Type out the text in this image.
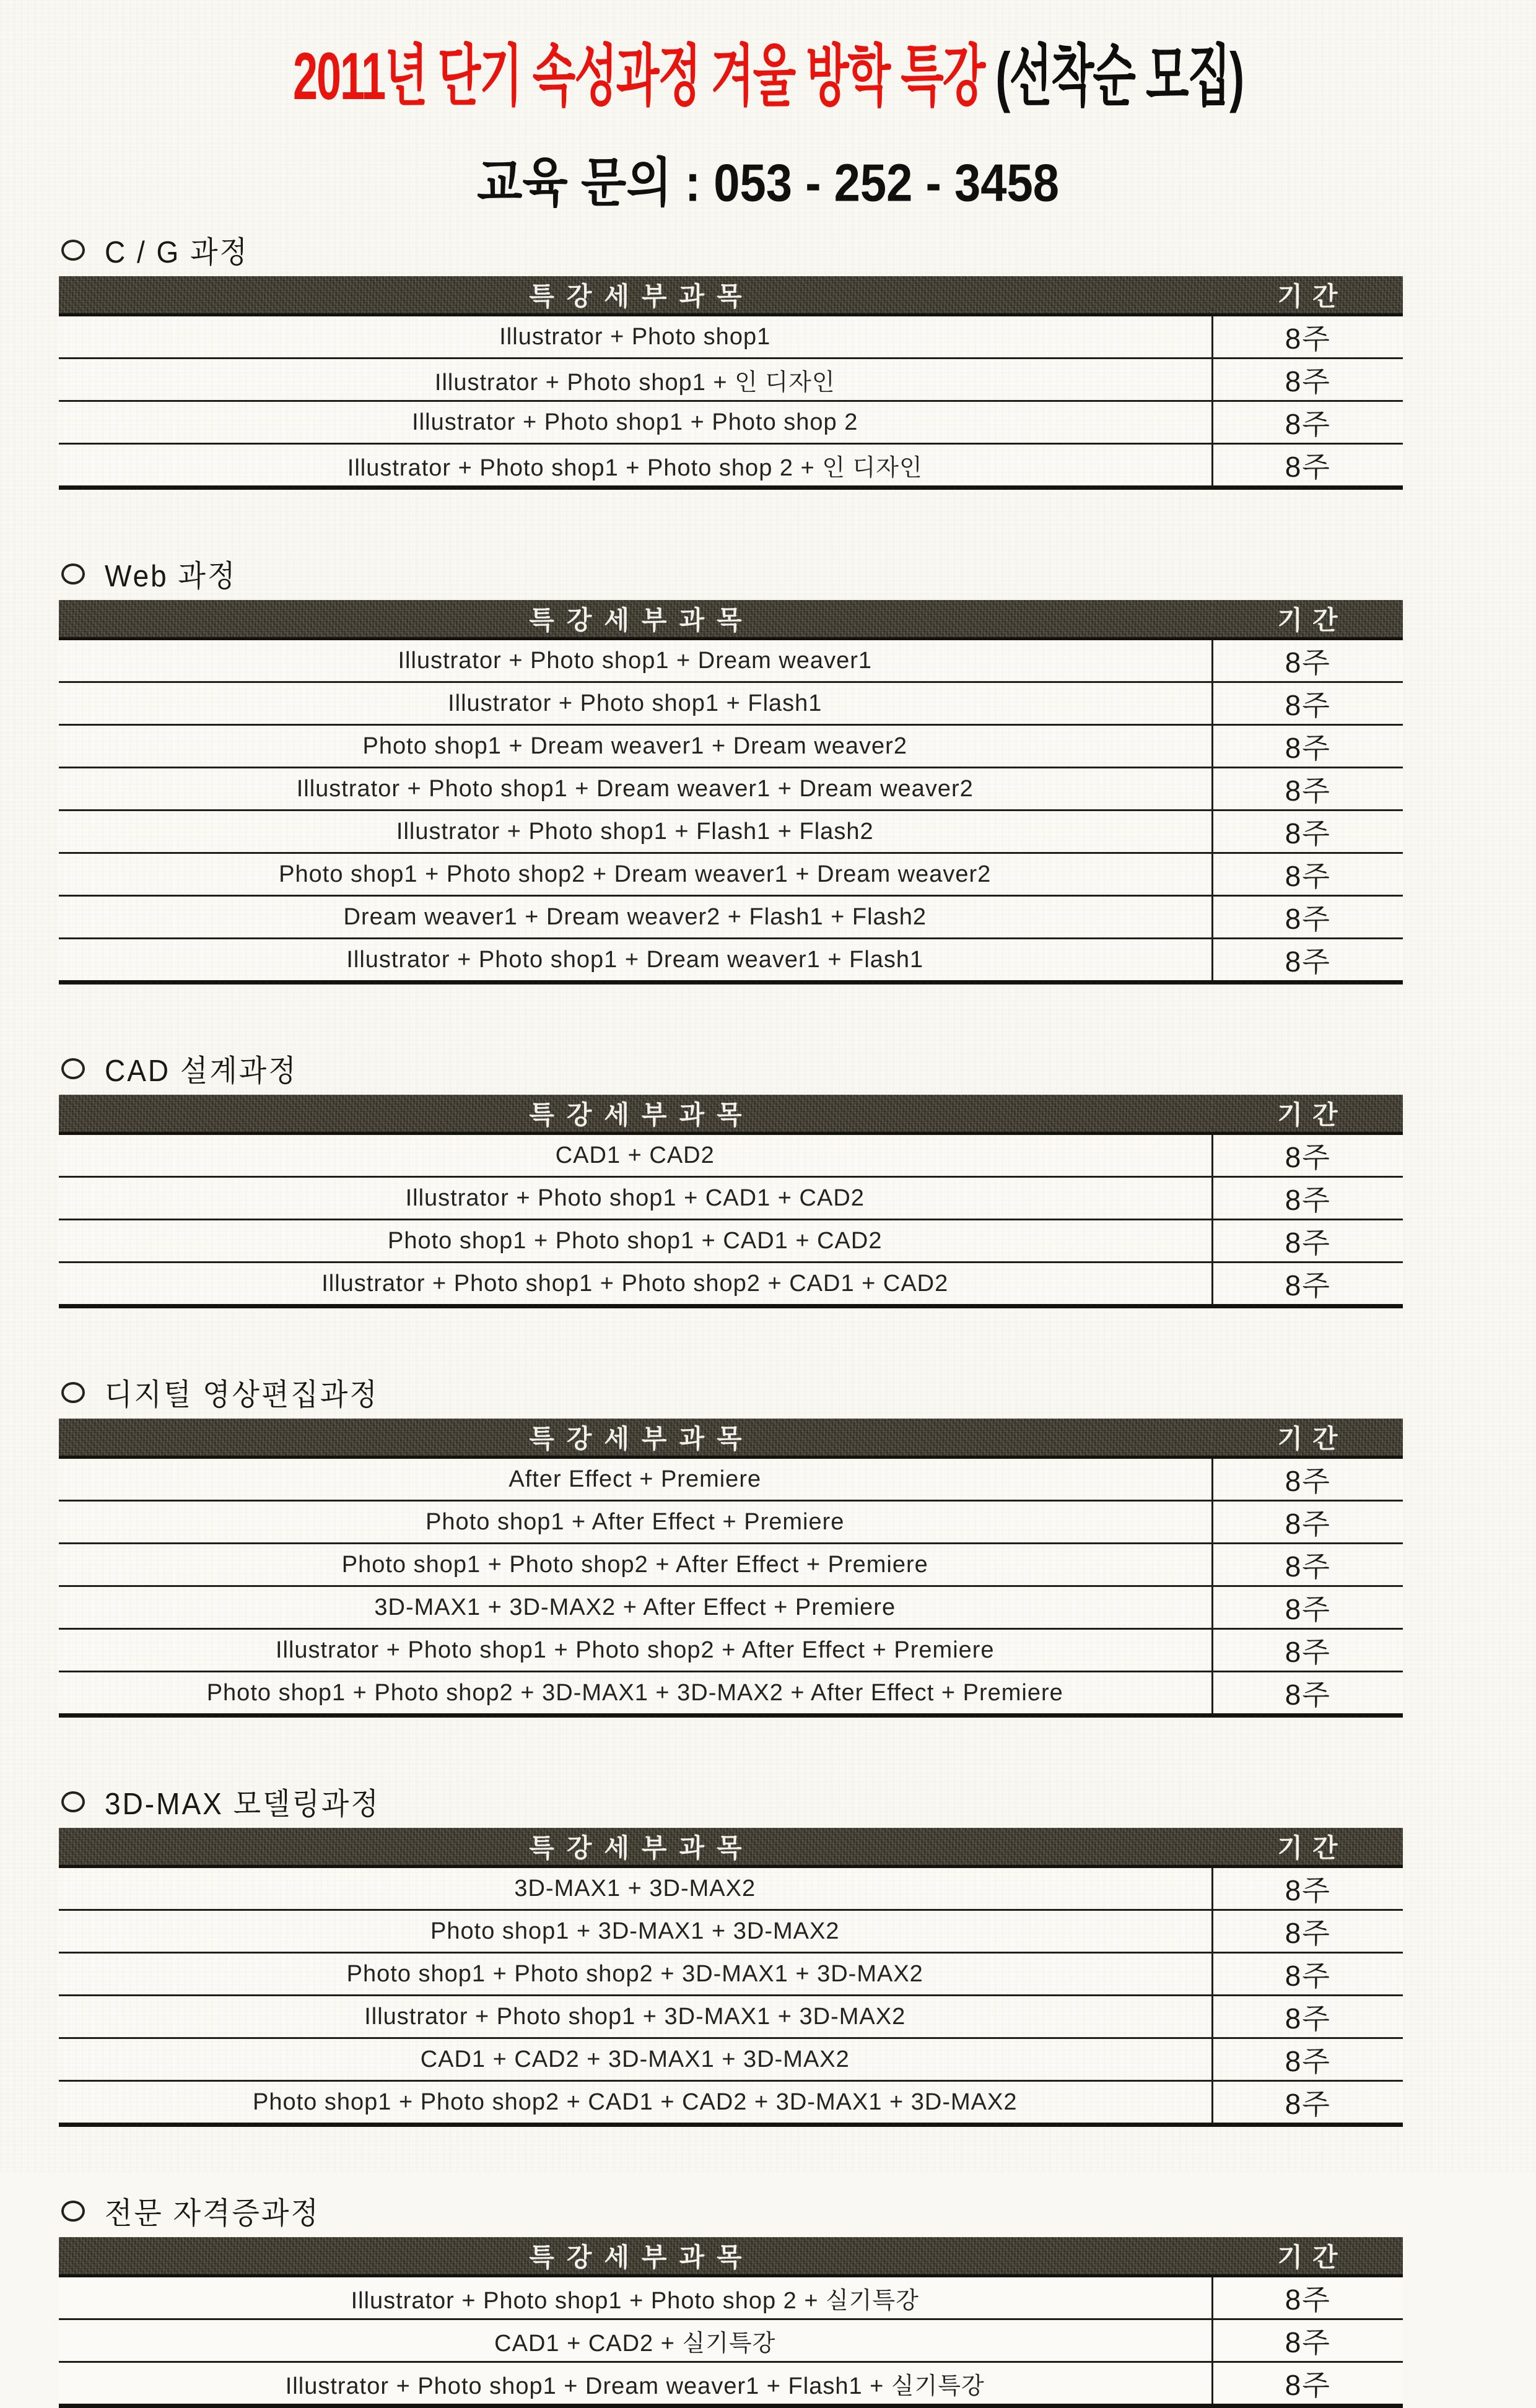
2011년 단기 속성과정 겨울 방학 특강 (선착순 모집)
교육 문의 : 053 - 252 - 3458
C / G 과정
특강세부과목	기간
Illustrator + Photo shop1	8주
Illustrator + Photo shop1 + 인 디자인	8주
Illustrator + Photo shop1 + Photo shop 2	8주
Illustrator + Photo shop1 + Photo shop 2 + 인 디자인	8주
Web 과정
특강세부과목	기간
Illustrator + Photo shop1 + Dream weaver1	8주
Illustrator + Photo shop1 + Flash1	8주
Photo shop1 + Dream weaver1 + Dream weaver2	8주
Illustrator + Photo shop1 + Dream weaver1 + Dream weaver2	8주
Illustrator + Photo shop1 + Flash1 + Flash2	8주
Photo shop1 + Photo shop2 + Dream weaver1 + Dream weaver2	8주
Dream weaver1 + Dream weaver2 + Flash1 + Flash2	8주
Illustrator + Photo shop1 + Dream weaver1 + Flash1	8주
CAD 설계과정
특강세부과목	기간
CAD1 + CAD2	8주
Illustrator + Photo shop1 + CAD1 + CAD2	8주
Photo shop1 + Photo shop1 + CAD1 + CAD2	8주
Illustrator + Photo shop1 + Photo shop2 + CAD1 + CAD2	8주
디지털 영상편집과정
특강세부과목	기간
After Effect + Premiere	8주
Photo shop1 + After Effect + Premiere	8주
Photo shop1 + Photo shop2 + After Effect + Premiere	8주
3D-MAX1 + 3D-MAX2 + After Effect + Premiere	8주
Illustrator + Photo shop1 + Photo shop2 + After Effect + Premiere	8주
Photo shop1 + Photo shop2 + 3D-MAX1 + 3D-MAX2 + After Effect + Premiere	8주
3D-MAX 모델링과정
특강세부과목	기간
3D-MAX1 + 3D-MAX2	8주
Photo shop1 + 3D-MAX1 + 3D-MAX2	8주
Photo shop1 + Photo shop2 + 3D-MAX1 + 3D-MAX2	8주
Illustrator + Photo shop1 + 3D-MAX1 + 3D-MAX2	8주
CAD1 + CAD2 + 3D-MAX1 + 3D-MAX2	8주
Photo shop1 + Photo shop2 + CAD1 + CAD2 + 3D-MAX1 + 3D-MAX2	8주
전문 자격증과정
특강세부과목	기간
Illustrator + Photo shop1 + Photo shop 2 + 실기특강	8주
CAD1 + CAD2 + 실기특강	8주
Illustrator + Photo shop1 + Dream weaver1 + Flash1 + 실기특강	8주
